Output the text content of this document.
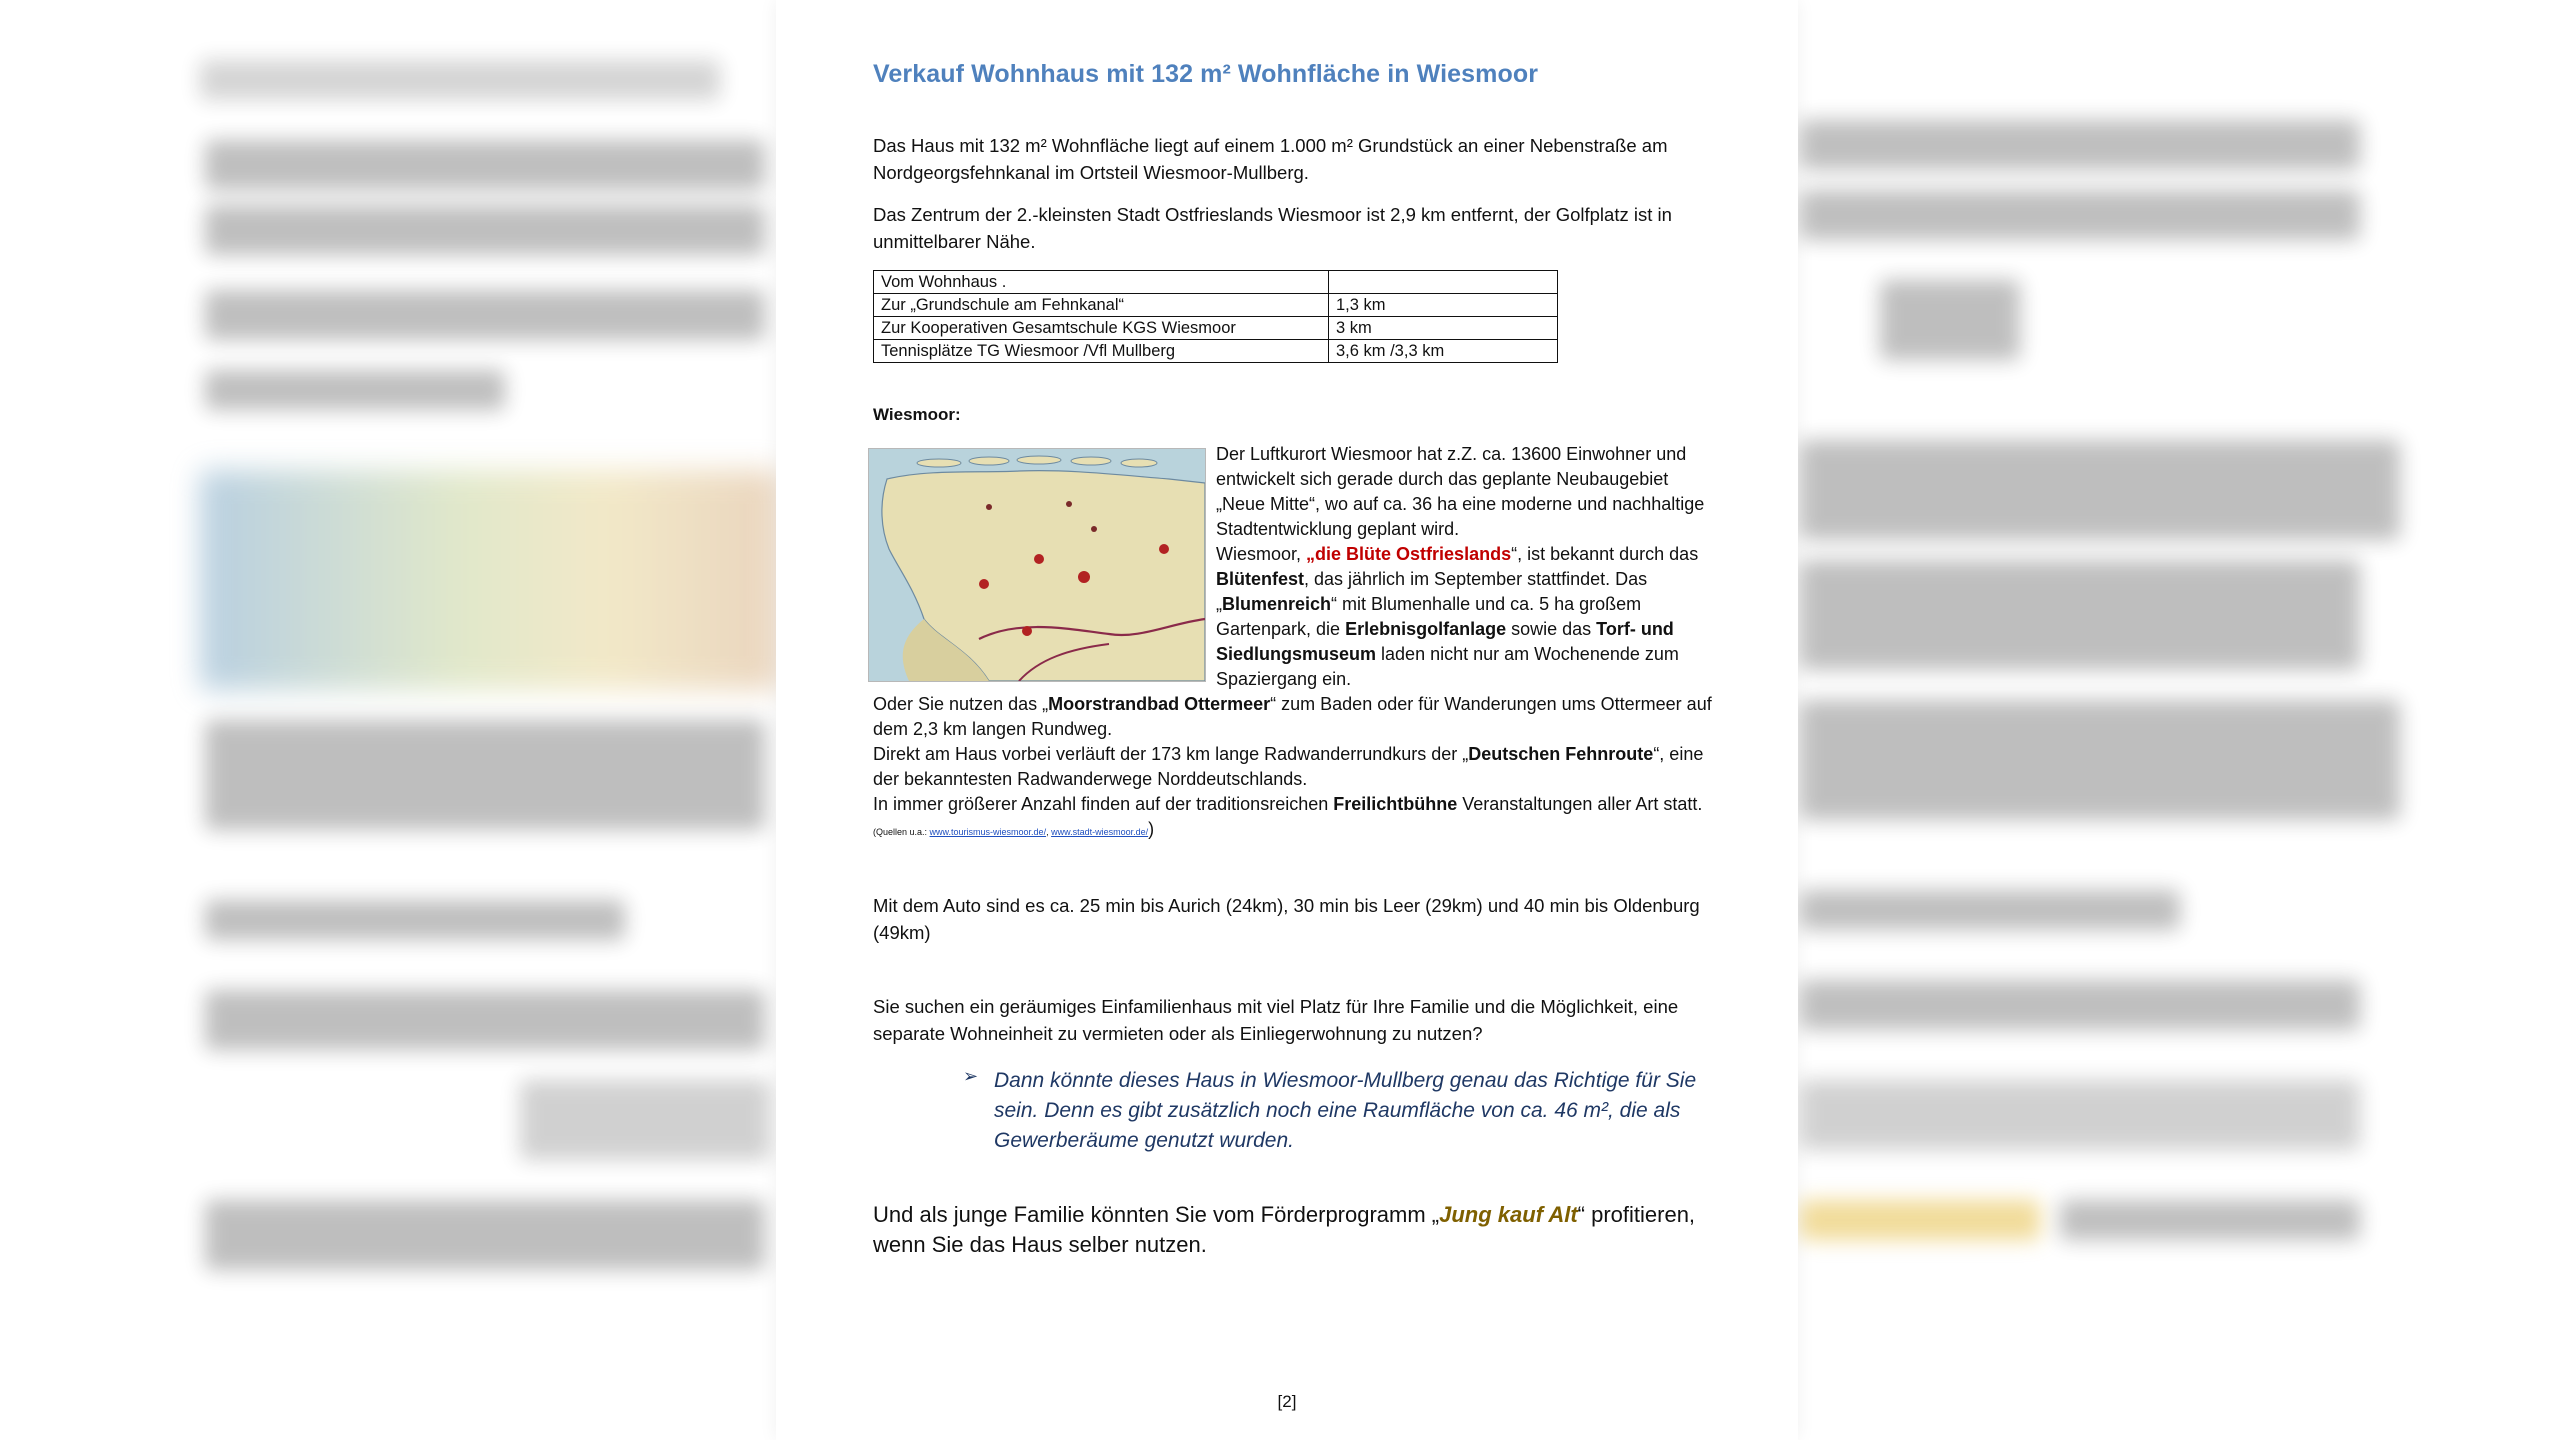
Verkauf Wohnhaus mit 132 m² Wohnfläche in Wiesmoor
Das Haus mit 132 m² Wohnfläche liegt auf einem 1.000 m² Grundstück an einer Nebenstraße am Nordgeorgsfehnkanal im Ortsteil Wiesmoor-Mullberg.
Das Zentrum der 2.-kleinsten Stadt Ostfrieslands Wiesmoor ist 2,9 km entfernt, der Golfplatz ist in unmittelbarer Nähe.
Vom Wohnhaus .	
Zur „Grundschule am Fehnkanal“	1,3 km
Zur Kooperativen Gesamtschule KGS Wiesmoor	3 km
Tennisplätze TG Wiesmoor /Vfl Mullberg	3,6 km /3,3 km
Wiesmoor:
Der Luftkurort Wiesmoor hat z.Z. ca. 13600 Einwohner und entwickelt sich gerade durch das geplante Neubaugebiet „Neue Mitte“, wo auf ca. 36 ha eine moderne und nachhaltige Stadtentwicklung geplant wird.
Wiesmoor, „die Blüte Ostfrieslands“, ist bekannt durch das Blütenfest, das jährlich im September stattfindet. Das „Blumenreich“ mit Blumenhalle und ca. 5 ha großem Gartenpark, die Erlebnisgolfanlage sowie das Torf- und Siedlungsmuseum laden nicht nur am Wochenende zum Spaziergang ein.
Oder Sie nutzen das „Moorstrandbad Ottermeer“ zum Baden oder für Wanderungen ums Ottermeer auf dem 2,3 km langen Rundweg.
Direkt am Haus vorbei verläuft der 173 km lange Radwanderrundkurs der „Deutschen Fehnroute“, eine der bekanntesten Radwanderwege Norddeutschlands.
In immer größerer Anzahl finden auf der traditionsreichen Freilichtbühne Veranstaltungen aller Art statt. (Quellen u.a.: www.tourismus-wiesmoor.de/, www.stadt-wiesmoor.de/)
Mit dem Auto sind es ca. 25 min bis Aurich (24km), 30 min bis Leer (29km) und 40 min bis Oldenburg (49km)
Sie suchen ein geräumiges Einfamilienhaus mit viel Platz für Ihre Familie und die Möglichkeit, eine separate Wohneinheit zu vermieten oder als Einliegerwohnung zu nutzen?
➢ Dann könnte dieses Haus in Wiesmoor-Mullberg genau das Richtige für Sie sein. Denn es gibt zusätzlich noch eine Raumfläche von ca. 46 m², die als Gewerberäume genutzt wurden.
Und als junge Familie könnten Sie vom Förderprogramm „Jung kauf Alt“ profitieren, wenn Sie das Haus selber nutzen.
[2]
